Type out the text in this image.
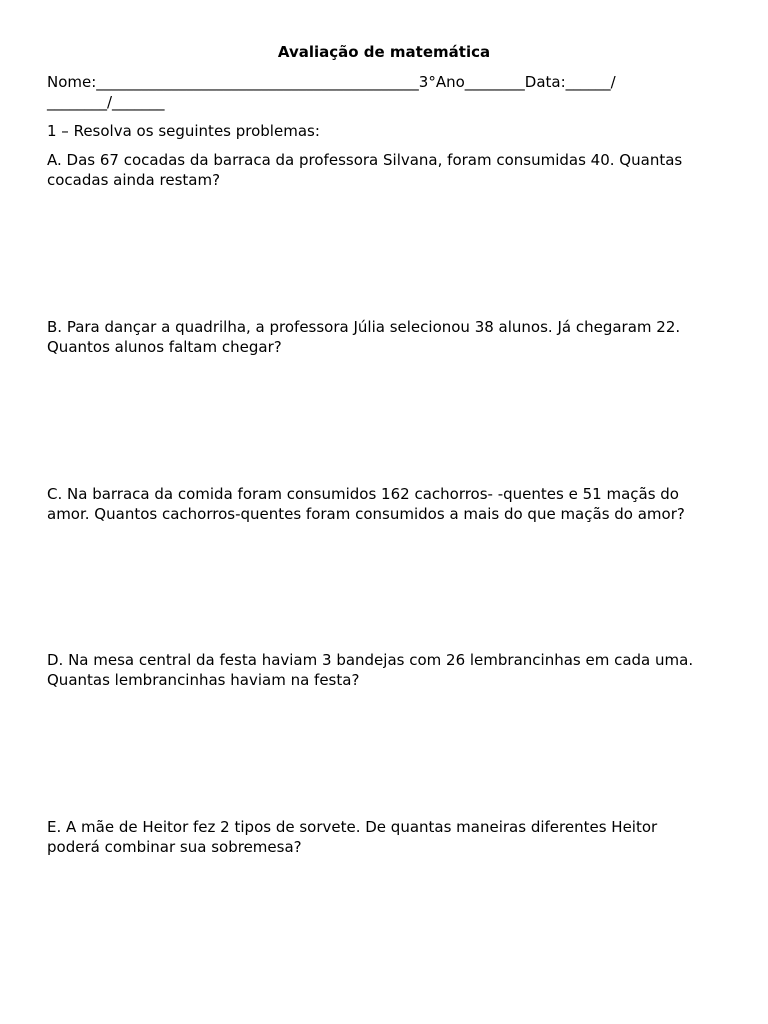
Avaliação de matemática
Nome:___________________________________________3°Ano________Data:______/
________/_______
1 – Resolva os seguintes problemas:
A. Das 67 cocadas da barraca da professora Silvana, foram consumidas 40. Quantas
cocadas ainda restam?
B. Para dançar a quadrilha, a professora Júlia selecionou 38 alunos. Já chegaram 22.
Quantos alunos faltam chegar?
C. Na barraca da comida foram consumidos 162 cachorros- -quentes e 51 maçãs do
amor. Quantos cachorros-quentes foram consumidos a mais do que maçãs do amor?
D. Na mesa central da festa haviam 3 bandejas com 26 lembrancinhas em cada uma.
Quantas lembrancinhas haviam na festa?
E. A mãe de Heitor fez 2 tipos de sorvete. De quantas maneiras diferentes Heitor
poderá combinar sua sobremesa?
